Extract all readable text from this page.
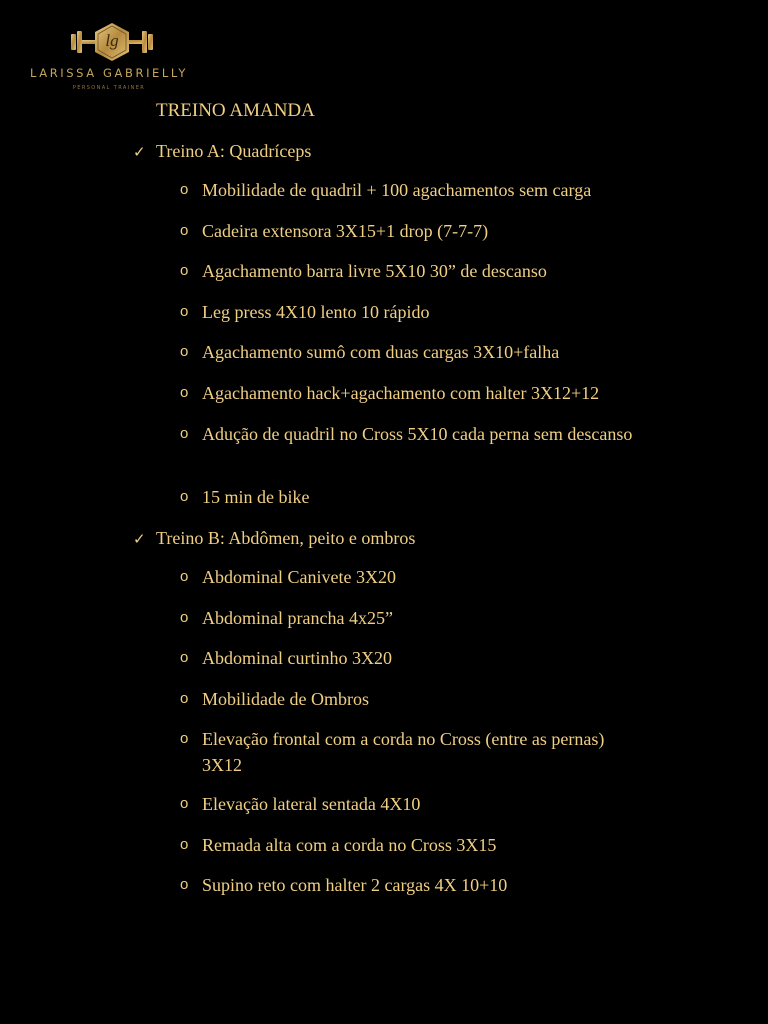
lg
LARISSA GABRIELLY
PERSONAL TRAINER
TREINO AMANDA
✓ Treino A: Quadríceps
o Mobilidade de quadril + 100 agachamentos sem carga
o Cadeira extensora 3X15+1 drop (7-7-7)
o Agachamento barra livre 5X10 30” de descanso
o Leg press 4X10 lento 10 rápido
o Agachamento sumô com duas cargas 3X10+falha
o Agachamento hack+agachamento com halter 3X12+12
o Adução de quadril no Cross 5X10 cada perna sem descanso
o 15 min de bike
✓ Treino B: Abdômen, peito e ombros
o Abdominal Canivete 3X20
o Abdominal prancha 4x25”
o Abdominal curtinho 3X20
o Mobilidade de Ombros
o Elevação frontal com a corda no Cross (entre as pernas) 3X12
o Elevação lateral sentada 4X10
o Remada alta com a corda no Cross 3X15
o Supino reto com halter 2 cargas 4X 10+10
